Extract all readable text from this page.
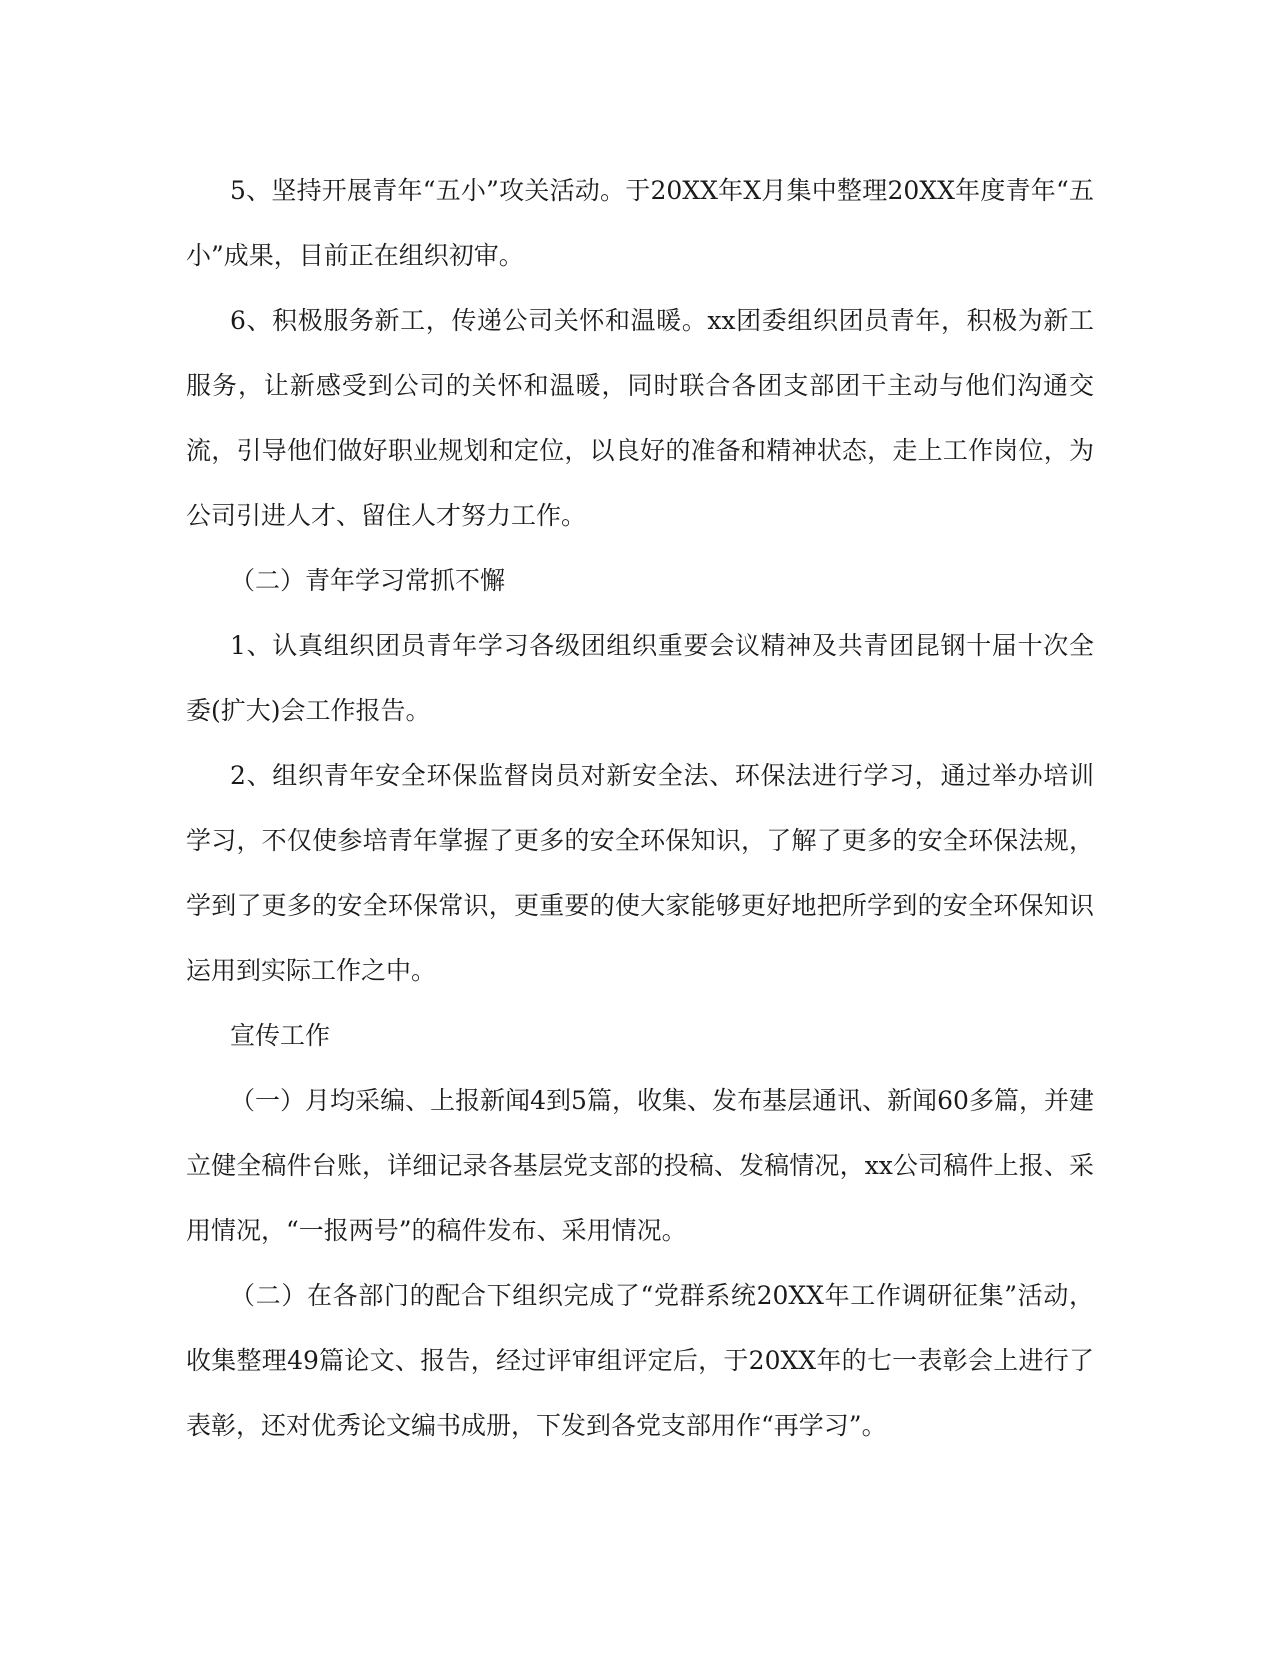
5、坚持开展青年“五小”攻关活动。于20XX年X月集中整理20XX年度青年“五小”成果，目前正在组织初审。

6、积极服务新工，传递公司关怀和温暖。xx团委组织团员青年，积极为新工服务，让新感受到公司的关怀和温暖，同时联合各团支部团干主动与他们沟通交流，引导他们做好职业规划和定位，以良好的准备和精神状态，走上工作岗位，为公司引进人才、留住人才努力工作。

（二）青年学习常抓不懈

1、认真组织团员青年学习各级团组织重要会议精神及共青团昆钢十届十次全委(扩大)会工作报告。

2、组织青年安全环保监督岗员对新安全法、环保法进行学习，通过举办培训学习，不仅使参培青年掌握了更多的安全环保知识，了解了更多的安全环保法规，学到了更多的安全环保常识，更重要的使大家能够更好地把所学到的安全环保知识运用到实际工作之中。

宣传工作

（一）月均采编、上报新闻4到5篇，收集、发布基层通讯、新闻60多篇，并建立健全稿件台账，详细记录各基层党支部的投稿、发稿情况，xx公司稿件上报、采用情况，“一报两号”的稿件发布、采用情况。

（二）在各部门的配合下组织完成了“党群系统20XX年工作调研征集”活动，收集整理49篇论文、报告，经过评审组评定后，于20XX年的七一表彰会上进行了表彰，还对优秀论文编书成册，下发到各党支部用作“再学习”。
